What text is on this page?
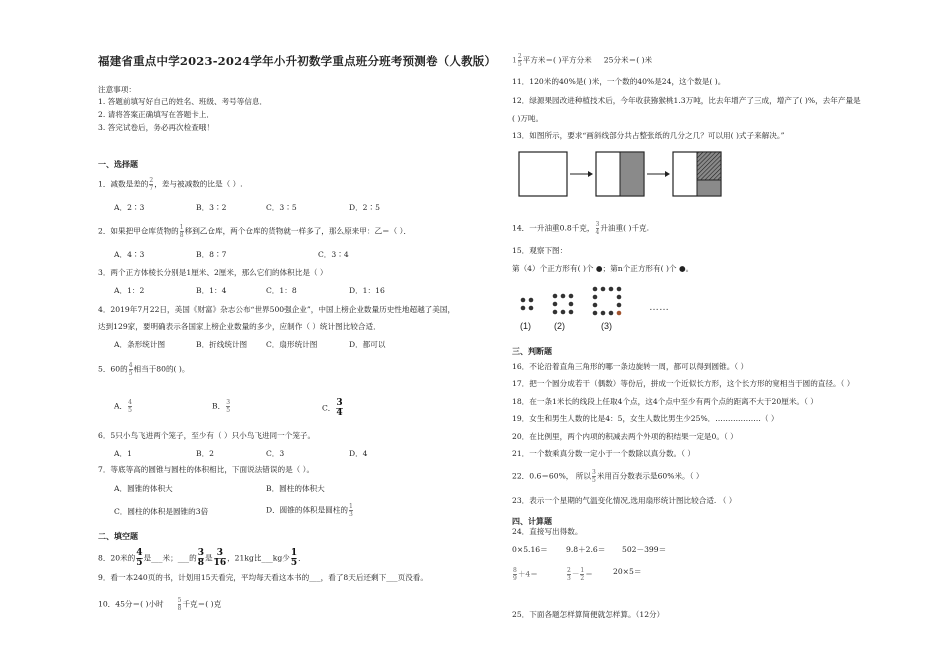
福建省重点中学2023-2024学年小升初数学重点班分班考预测卷（人教版）
注意事项：
1. 答题前填写好自己的姓名、班级、考号等信息．
2. 请将答案正确填写在答题卡上．
3. 答完试卷后，务必再次检查哦！
一、选择题
1．减数是差的 $\frac{2}{7}$ ，差与被减数的比是（ ）.
A．2∶3	B．3∶2	C．3∶5	D．2∶5
2．如果把甲仓库货物的 $\frac{1}{8}$ 移到乙仓库，两个仓库的货物就一样多了，那么原来甲：乙＝（ ）．
A．4∶3	B．8∶7	C．3∶4
3．两个正方体棱长分别是1厘米、2厘米，那么它们的体积比是（ ）
A．1：2	B．1：4	C．1：8	D．1：16
4．2019年7月22日，美国《财富》杂志公布“世界500强企业”，中国上榜企业数量历史性地超越了美国，
达到129家，要明确表示各国家上榜企业数量的多少，应制作（ ）统计图比较合适．
A．条形统计图	B．折线统计图 C．扇形统计图	D．都可以
5．60的 $\frac{4}{5}$ 相当于80的( )。
A． $\frac{4}{5}$	B． $\frac{3}{5}$	C． $\frac{3}{4}$
6．5只小鸟飞进两个笼子，至少有（ ）只小鸟飞进同一个笼子。
A．1	B．2	C．3	D．4
7．等底等高的圆锥与圆柱的体积相比，下面说法错误的是（ ）。
A．圆锥的体积大	B．圆柱的体积大
C．圆柱的体积是圆锥的3倍	D．圆锥的体积是圆柱的 $\frac{1}{3}$
二、填空题
8．20米的 $\frac{4}{5}$ 是___米；___的 $\frac{3}{8}$ 是 $\frac{3}{16}$ ，21kg比___kg少 $\frac{1}{5}$ ．
9．看一本240页的书，计划用15天看完，平均每天看这本书的___，看了8天后还剩下___页没看。
10．45分＝( )小时 $\frac{5}{8}$ 千克＝( )克
$1 \frac{2}{5}$ 平方米＝( )平方分米 25分米＝( )米
11．120米的40%是( )米，一个数的40%是24，这个数是( )。
12．绿源果园改进种植技术后，今年收获猕猴桃1.3万吨，比去年增产了三成，增产了( )%，去年产量是
( )万吨。
13．如图所示，要求“画斜线部分共占整张纸的几分之几？可以用( )式子来解决。”
14．一升油重0.8千克， $\frac{3}{4}$ 升油重( )千克.
15．观察下图：
第（4）个正方形有( )个 ●；第n个正方形有( )个 ●。
(1)	(2)	(3)
……
三、判断题
16．不论沿着直角三角形的哪一条边旋转一周，都可以得到圆锥。（ ）
17．把一个圆分成若干（偶数）等份后，拼成一个近似长方形，这个长方形的宽相当于圆的直径。（ ）
18．在一条1米长的线段上任取4个点，这4个点中至少有两个点的距离不大于20厘米。（ ）
19．女生和男生人数的比是4：5，女生人数比男生少25%．………………（ ）
20．在比例里，两个内项的积减去两个外项的积结果一定是0。（ ）
21．一个数乘真分数一定小于一个数除以真分数。（ ）
22．0.6＝60%， 所以 $\frac{3}{5}$ 米用百分数表示是60%米。（ ）
23．表示一个星期的气温变化情况,选用扇形统计图比较合适. （ ）
四、计算题
24．直接写出得数。
0×5.16＝ 9.8＋2.6＝ 502－399＝
$\frac{8}{9} +4=$	$\frac{2}{3} - \frac{1}{2}$ ＝	20×5＝
25．下面各题怎样算简便就怎样算。（12分）
